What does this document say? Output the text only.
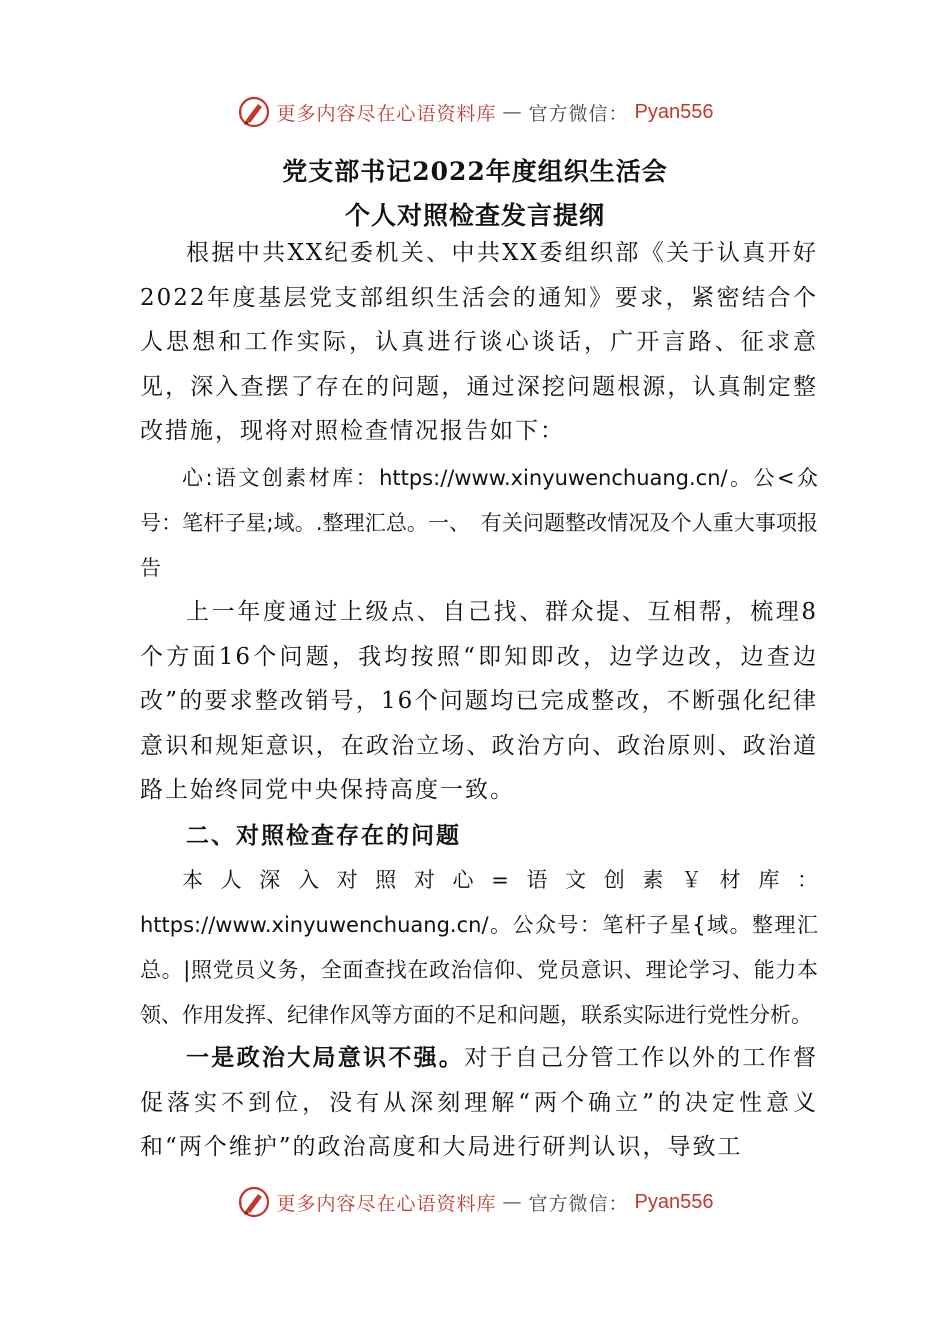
更多内容尽在心语资料库 — 官方微信： Pyan556
党支部书记2022年度组织生活会
个人对照检查发言提纲

根据中共XX纪委机关、中共XX委组织部《关于认真开好2022年度基层党支部组织生活会的通知》要求，紧密结合个人思想和工作实际，认真进行谈心谈话，广开言路、征求意见，深入查摆了存在的问题，通过深挖问题根源，认真制定整改措施，现将对照检查情况报告如下：

心:语文创素材库：https://www.xinyuwenchuang.cn/。公<众号：笔杆子星;域。.整理汇总。一、　有关问题整改情况及个人重大事项报告

上一年度通过上级点、自己找、群众提、互相帮，梳理8个方面16个问题，我均按照“即知即改，边学边改，边查边改”的要求整改销号，16个问题均已完成整改，不断强化纪律意识和规矩意识，在政治立场、政治方向、政治原则、政治道路上始终同党中央保持高度一致。

二、对照检查存在的问题

本人深入对照对心=语文创素￥材库：https://www.xinyuwenchuang.cn/。公众号：笔杆子星{域。整理汇总。|照党员义务，全面查找在政治信仰、党员意识、理论学习、能力本领、作用发挥、纪律作风等方面的不足和问题，联系实际进行党性分析。

一是政治大局意识不强。对于自己分管工作以外的工作督促落实不到位，没有从深刻理解“两个确立”的决定性意义和“两个维护”的政治高度和大局进行研判认识，导致工

更多内容尽在心语资料库 — 官方微信： Pyan556
